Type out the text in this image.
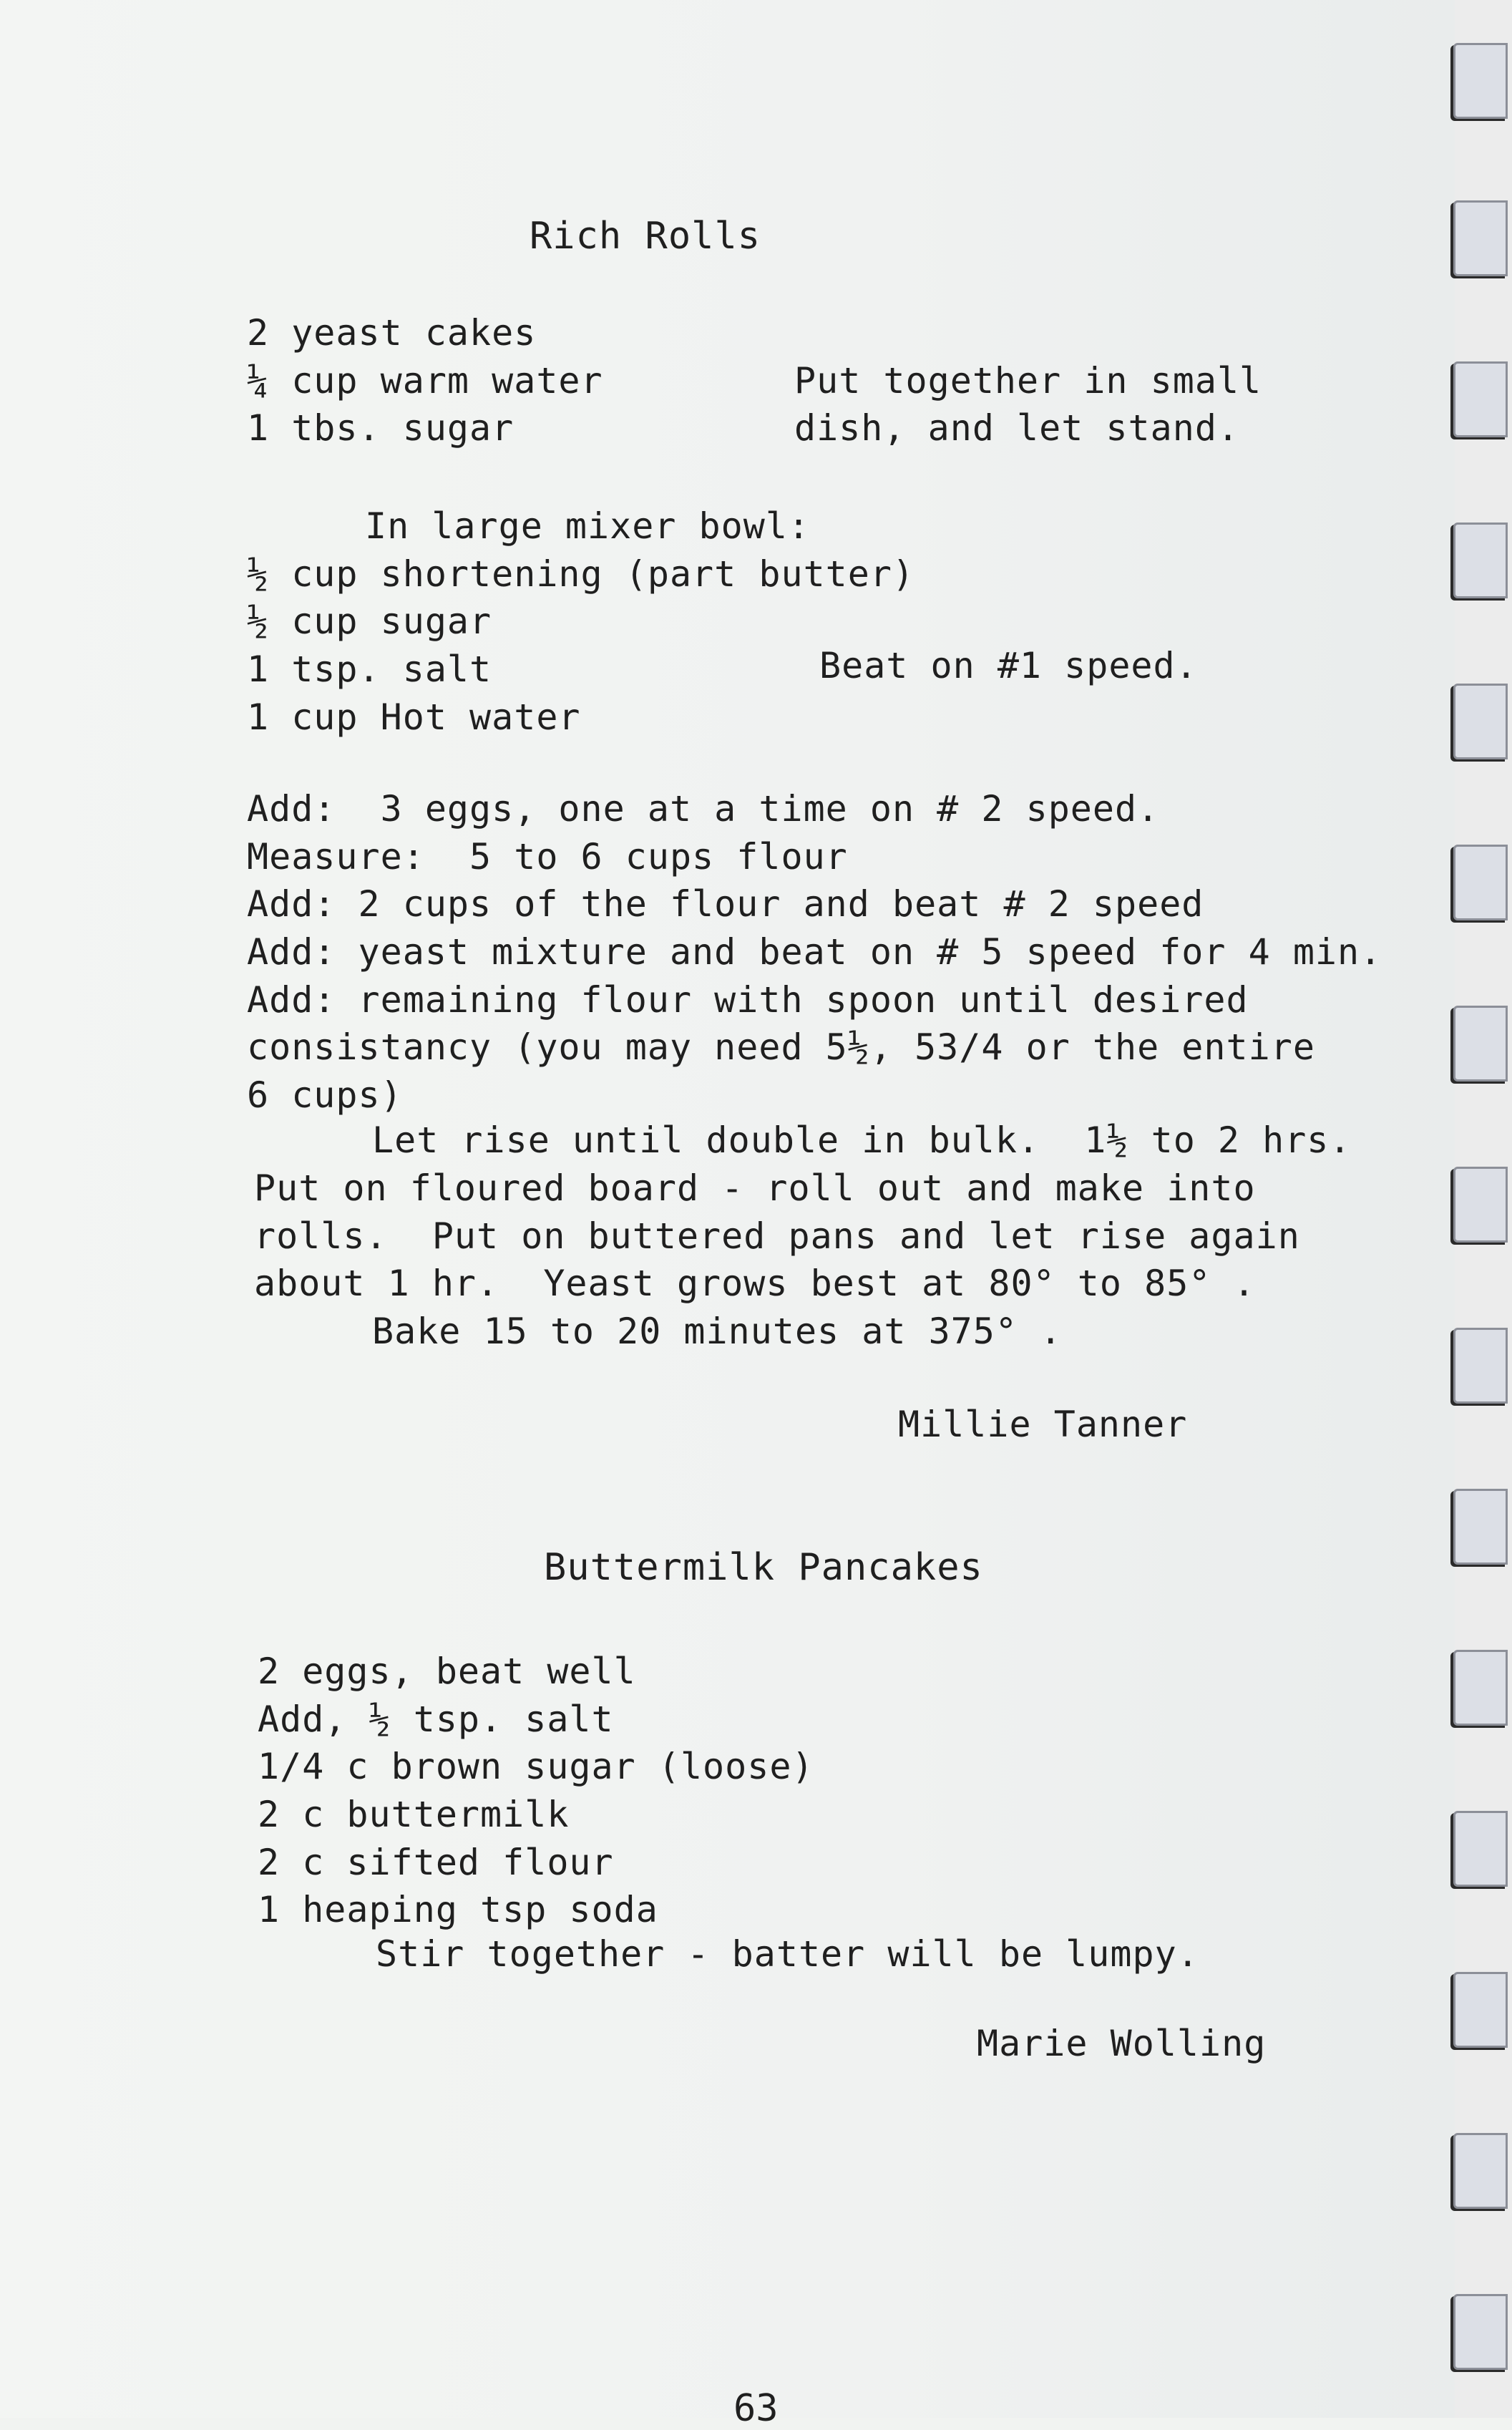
Rich Rolls
2 yeast cakes
¼ cup warm water
1 tbs. sugar
Put together in small
dish, and let stand.
In large mixer bowl:
½ cup shortening (part butter)
½ cup sugar
1 tsp. salt
1 cup Hot water
Beat on #1 speed.
Add:  3 eggs, one at a time on # 2 speed.
Measure:  5 to 6 cups flour
Add: 2 cups of the flour and beat # 2 speed
Add: yeast mixture and beat on # 5 speed for 4 min.
Add: remaining flour with spoon until desired
consistancy (you may need 5½, 53/4 or the entire
6 cups)
Let rise until double in bulk.  1½ to 2 hrs.
Put on floured board - roll out and make into
rolls.  Put on buttered pans and let rise again
about 1 hr.  Yeast grows best at 80° to 85° .
Bake 15 to 20 minutes at 375° .
Millie Tanner
Buttermilk Pancakes
2 eggs, beat well
Add, ½ tsp. salt
1/4 c brown sugar (loose)
2 c buttermilk
2 c sifted flour
1 heaping tsp soda
Stir together - batter will be lumpy.
Marie Wolling
63
